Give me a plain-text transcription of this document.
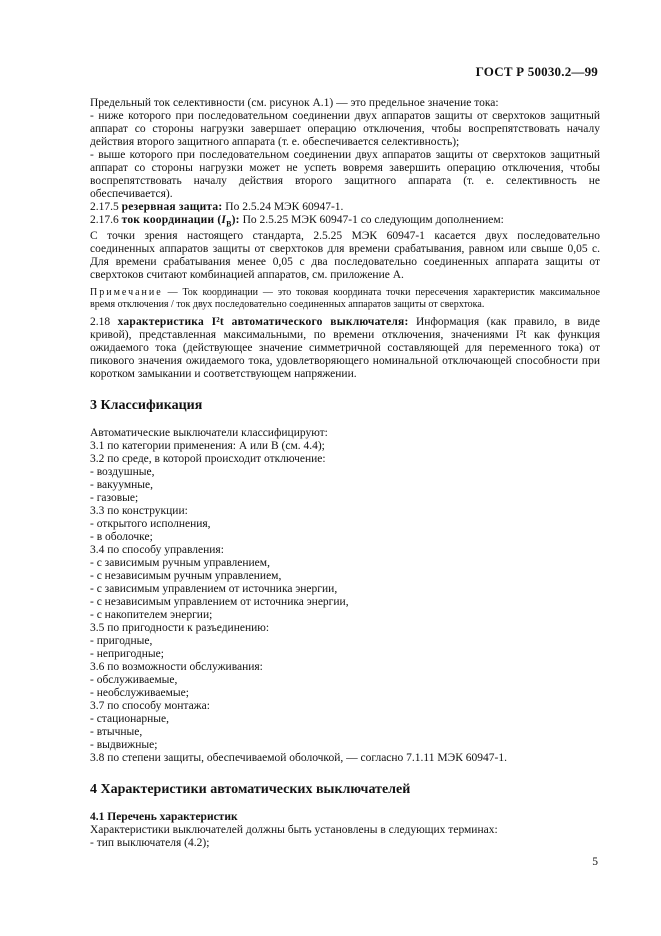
ГОСТ Р 50030.2—99

Предельный ток селективности (см. рисунок А.1) — это предельное значение тока:

- ниже которого при последовательном соединении двух аппаратов защиты от сверхтоков защитный аппарат со стороны нагрузки завершает операцию отключения, чтобы воспрепятствовать началу действия второго защитного аппарата (т. е. обеспечивается селективность);

- выше которого при последовательном соединении двух аппаратов защиты от сверхтоков защитный аппарат со стороны нагрузки может не успеть вовремя завершить операцию отключения, чтобы воспрепятствовать началу действия второго защитного аппарата (т. е. селективность не обеспечивается).

2.17.5 резервная защита: По 2.5.24 МЭК 60947-1.

2.17.6 ток координации $(I_B)$: По 2.5.25 МЭК 60947-1 со следующим дополнением:

С точки зрения настоящего стандарта, 2.5.25 МЭК 60947-1 касается двух последовательно соединенных аппаратов защиты от сверхтоков для времени срабатывания, равном или свыше 0,05 с. Для времени срабатывания менее 0,05 с два последовательно соединенных аппарата защиты от сверхтоков считают комбинацией аппаратов, см. приложение А.

Примечание — Ток координации — это токовая координата точки пересечения характеристик максимальное время отключения / ток двух последовательно соединенных аппаратов защиты от сверхтока.

2.18 характеристика I²t автоматического выключателя: Информация (как правило, в виде кривой), представленная максимальными, по времени отключения, значениями I²t как функция ожидаемого тока (действующее значение симметричной составляющей для переменного тока) от пикового значения ожидаемого тока, удовлетворяющего номинальной отключающей способности при коротком замыкании и соответствующем напряжении.

3 Классификация

Автоматические выключатели классифицируют:

3.1 по категории применения: А или В (см. 4.4);

3.2 по среде, в которой происходит отключение:

- воздушные,

- вакуумные,

- газовые;

3.3 по конструкции:

- открытого исполнения,

- в оболочке;

3.4 по способу управления:

- с зависимым ручным управлением,

- с независимым ручным управлением,

- с зависимым управлением от источника энергии,

- с независимым управлением от источника энергии,

- с накопителем энергии;

3.5 по пригодности к разъединению:

- пригодные,

- непригодные;

3.6 по возможности обслуживания:

- обслуживаемые,

- необслуживаемые;

3.7 по способу монтажа:

- стационарные,

- втычные,

- выдвижные;

3.8 по степени защиты, обеспечиваемой оболочкой, — согласно 7.1.11 МЭК 60947-1.

4 Характеристики автоматических выключателей
4.1 Перечень характеристик

Характеристики выключателей должны быть установлены в следующих терминах:

- тип выключателя (4.2);

5
